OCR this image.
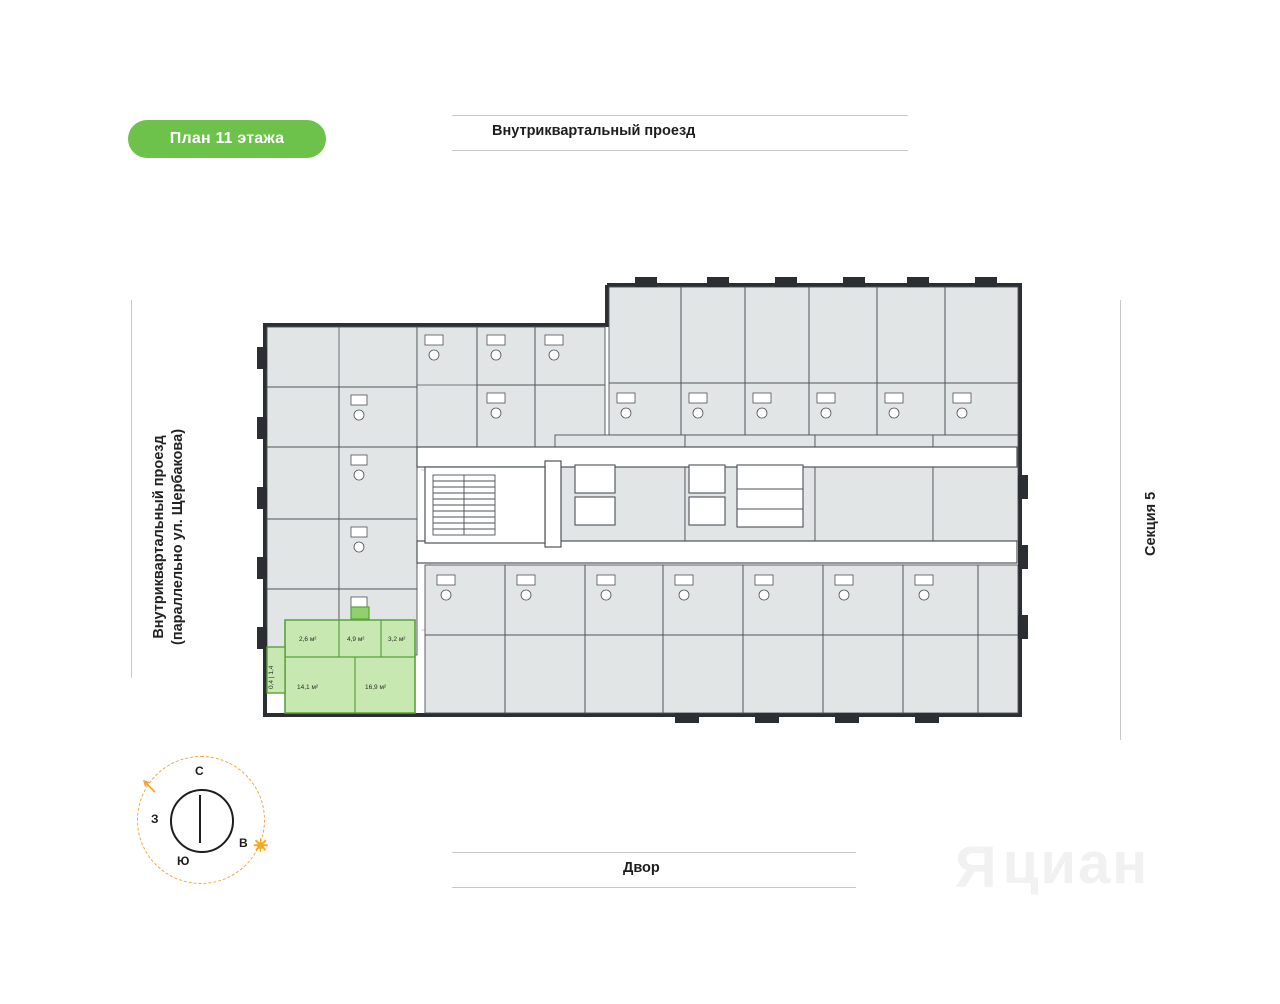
План 11 этажа	Внутриквартальный проезд
Двор
Внутриквартальный проезд (параллельно ул. Щербакова)	Секция 5
2,6 м²	4,9 м²	3,2 м²
14,1 м²	16,9 м²
0,4 | 1,4
С
З
В
Ю	Яциан
